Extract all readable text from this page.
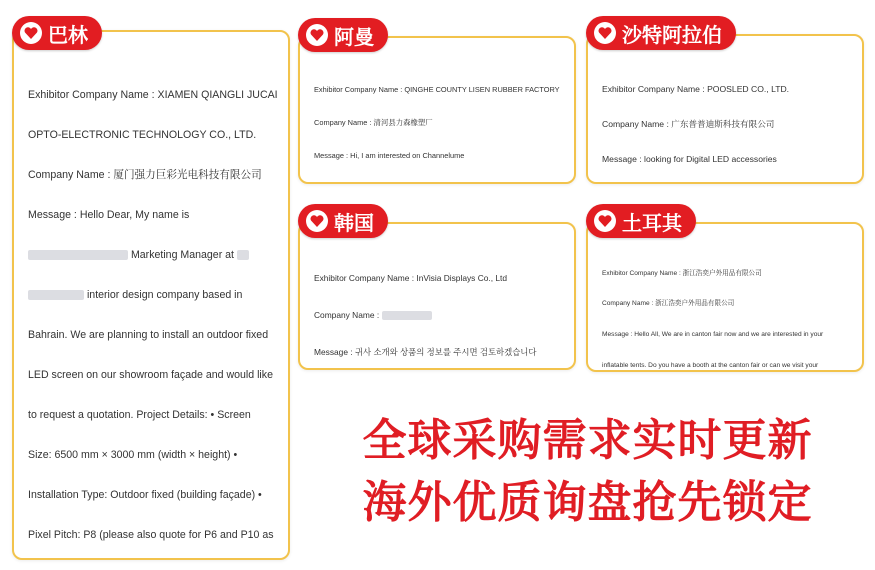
Exhibitor Company Name : XIAMEN QIANGLI JUCAI

OPTO-ELECTRONIC TECHNOLOGY CO., LTD.

Company Name : 厦门强力巨彩光电科技有限公司

Message : Hello Dear, My name is

Marketing Manager at

interior design company based in

Bahrain. We are planning to install an outdoor fixed

LED screen on our showroom façade and would like

to request a quotation. Project Details: • Screen

Size: 6500 mm × 3000 mm (width × height) •

Installation Type: Outdoor fixed (building façade) •

Pixel Pitch: P8 (please also quote for P6 and P10 as

巴林

Exhibitor Company Name : QINGHE COUNTY LISEN RUBBER FACTORY

Company Name : 清河县力森橡塑厂

Message : Hi, I am interested on Channelume

阿曼

Exhibitor Company Name : POOSLED CO., LTD.

Company Name : 广东普普迪斯科技有限公司

Message : looking for Digital LED accessories

沙特阿拉伯

Exhibitor Company Name : InVisia Displays Co., Ltd

Company Name :

Message : 귀사 소개와 상품의 정보를 주시면 검토하겠습니다

韩国

Exhibitor Company Name : 浙江浩奕户外用品有限公司

Company Name : 浙江浩奕户外用品有限公司

Message : Hello All, We are in canton fair now and we are interested in your

inflatable tents. Do you have a booth at the canton fair or can we visit your

土耳其
全球采购需求实时更新
海外优质询盘抢先锁定
